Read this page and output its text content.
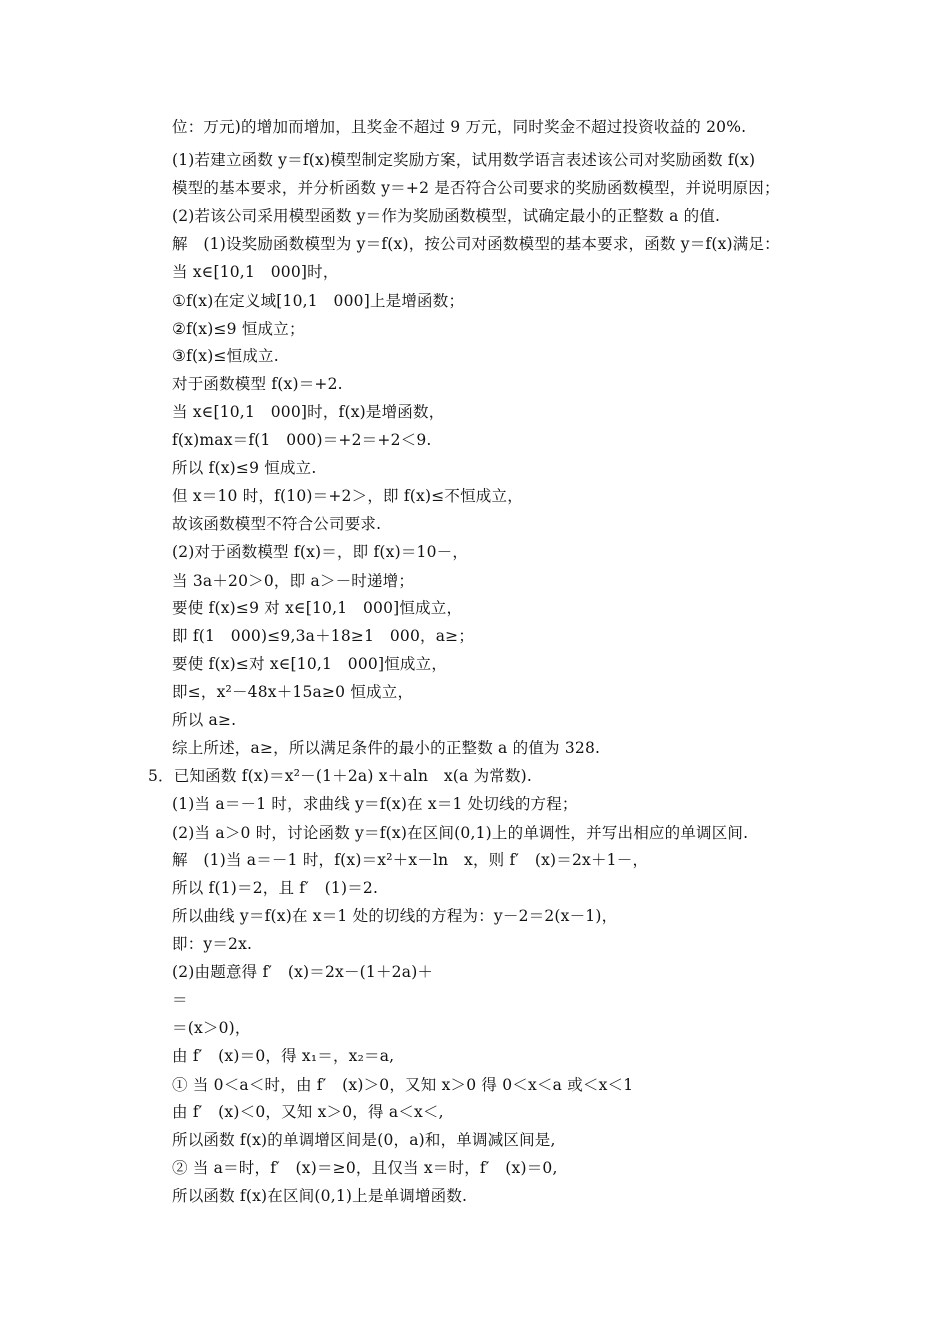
位：万元)的增加而增加，且奖金不超过 9 万元，同时奖金不超过投资收益的 20%.
(1)若建立函数 y＝f(x)模型制定奖励方案，试用数学语言表述该公司对奖励函数 f(x)
模型的基本要求，并分析函数 y＝+2 是否符合公司要求的奖励函数模型，并说明原因；
(2)若该公司采用模型函数 y＝作为奖励函数模型，试确定最小的正整数 a 的值.
解　(1)设奖励函数模型为 y＝f(x)，按公司对函数模型的基本要求，函数 y＝f(x)满足：
当 x∈[10,1　000]时，
①f(x)在定义域[10,1　000]上是增函数；
②f(x)≤9 恒成立；
③f(x)≤恒成立.
对于函数模型 f(x)＝+2.
当 x∈[10,1　000]时，f(x)是增函数，
f(x)max＝f(1　000)＝+2＝+2＜9.
所以 f(x)≤9 恒成立.
但 x＝10 时，f(10)＝+2＞，即 f(x)≤不恒成立，
故该函数模型不符合公司要求.
(2)对于函数模型 f(x)＝，即 f(x)＝10－，
当 3a＋20＞0，即 a＞－时递增；
要使 f(x)≤9 对 x∈[10,1　000]恒成立，
即 f(1　000)≤9,3a＋18≥1　000，a≥；
要使 f(x)≤对 x∈[10,1　000]恒成立，
即≤，x²－48x＋15a≥0 恒成立，
所以 a≥.
综上所述，a≥，所以满足条件的最小的正整数 a 的值为 328.
5．已知函数 f(x)＝x²－(1＋2a) x＋aln　x(a 为常数).
(1)当 a＝－1 时，求曲线 y＝f(x)在 x＝1 处切线的方程；
(2)当 a＞0 时，讨论函数 y＝f(x)在区间(0,1)上的单调性，并写出相应的单调区间.
解　(1)当 a＝－1 时，f(x)＝x²＋x－ln　x，则 f′　(x)＝2x＋1－，
所以 f(1)＝2，且 f′　(1)＝2.
所以曲线 y＝f(x)在 x＝1 处的切线的方程为：y－2＝2(x－1)，
即：y＝2x.
(2)由题意得 f′　(x)＝2x－(1＋2a)＋
＝
＝(x＞0)，
由 f′　(x)＝0，得 x₁＝，x₂＝a,
① 当 0＜a＜时，由 f′　(x)＞0，又知 x＞0 得 0＜x＜a 或＜x＜1
由 f′　(x)＜0，又知 x＞0，得 a＜x＜,
所以函数 f(x)的单调增区间是(0，a)和，单调减区间是,
② 当 a＝时，f′　(x)＝≥0，且仅当 x＝时，f′　(x)＝0,
所以函数 f(x)在区间(0,1)上是单调增函数.
